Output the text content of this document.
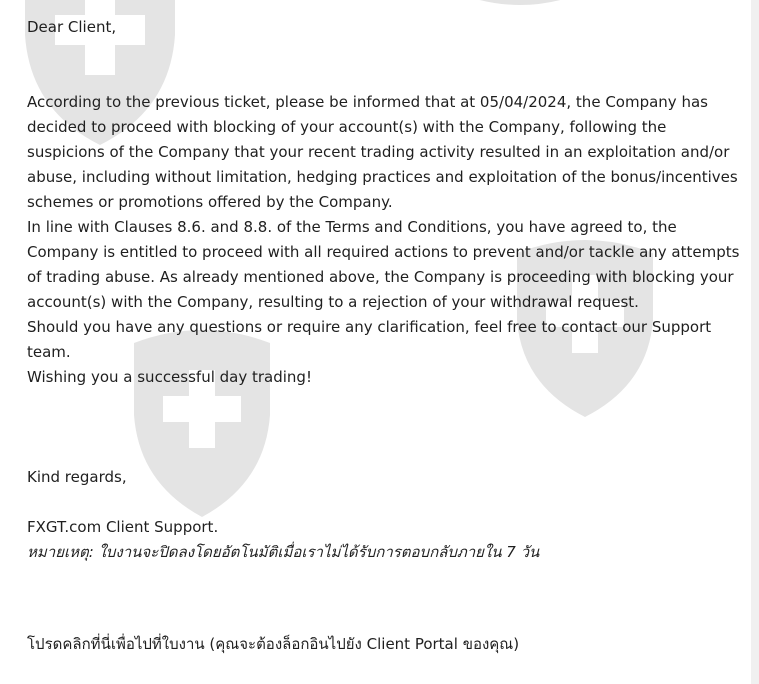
Dear Client,

According to the previous ticket, please be informed that at 05/04/2024, the Company has decided to proceed with blocking of your account(s) with the Company, following the suspicions of the Company that your recent trading activity resulted in an exploitation and/or abuse, including without limitation, hedging practices and exploitation of the bonus/incentives schemes or promotions offered by the Company.

In line with Clauses 8.6. and 8.8. of the Terms and Conditions, you have agreed to, the Company is entitled to proceed with all required actions to prevent and/or tackle any attempts of trading abuse. As already mentioned above, the Company is proceeding with blocking your account(s) with the Company, resulting to a rejection of your withdrawal request.

Should you have any questions or require any clarification, feel free to contact our Support team.

Wishing you a successful day trading!

Kind regards,

FXGT.com Client Support.

หมายเหตุ: ใบงานจะปิดลงโดยอัตโนมัติเมื่อเราไม่ได้รับการตอบกลับภายใน 7 วัน

โปรดคลิกที่นี่เพื่อไปที่ใบงาน (คุณจะต้องล็อกอินไปยัง Client Portal ของคุณ)
